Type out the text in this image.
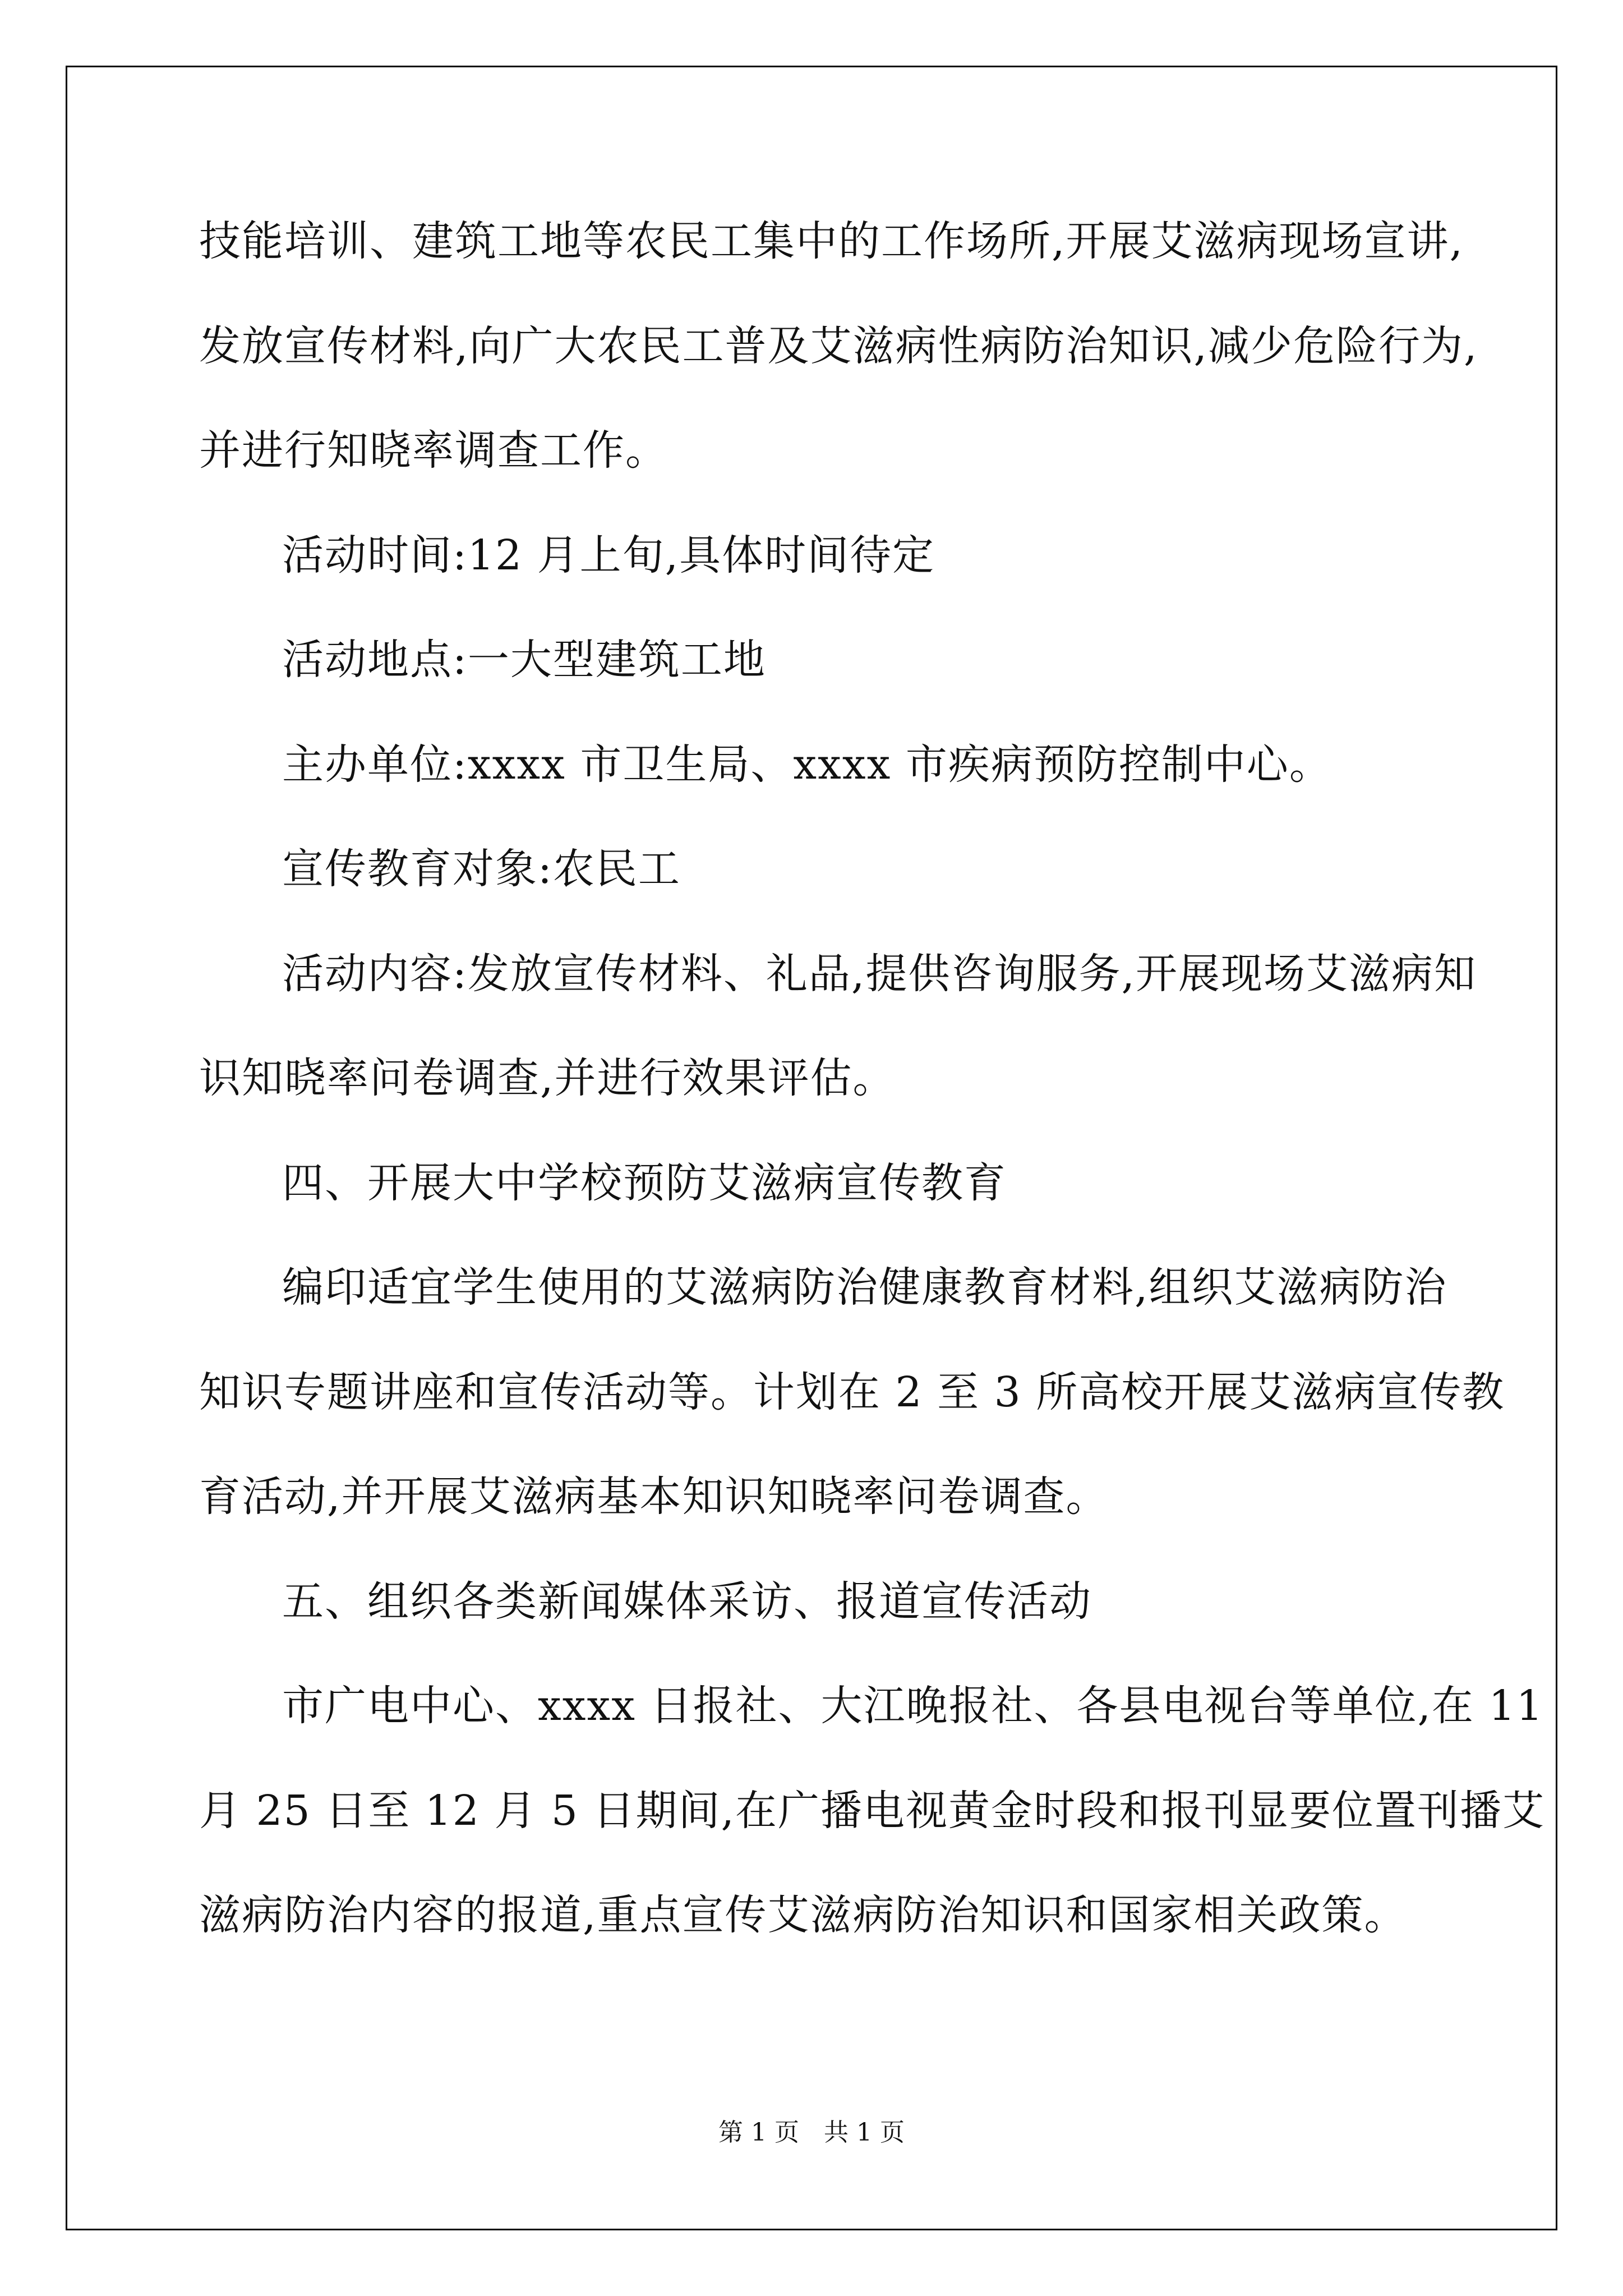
技能培训、建筑工地等农民工集中的工作场所,开展艾滋病现场宣讲,
发放宣传材料,向广大农民工普及艾滋病性病防治知识,减少危险行为,
并进行知晓率调查工作。
活动时间:12 月上旬,具体时间待定
活动地点:一大型建筑工地
主办单位:xxxx 市卫生局、xxxx 市疾病预防控制中心。
宣传教育对象:农民工
活动内容:发放宣传材料、礼品,提供咨询服务,开展现场艾滋病知
识知晓率问卷调查,并进行效果评估。
四、开展大中学校预防艾滋病宣传教育
编印适宜学生使用的艾滋病防治健康教育材料,组织艾滋病防治
知识专题讲座和宣传活动等。计划在 2 至 3 所高校开展艾滋病宣传教
育活动,并开展艾滋病基本知识知晓率问卷调查。
五、组织各类新闻媒体采访、报道宣传活动
市广电中心、xxxx 日报社、大江晚报社、各县电视台等单位,在 11
月 25 日至 12 月 5 日期间,在广播电视黄金时段和报刊显要位置刊播艾
滋病防治内容的报道,重点宣传艾滋病防治知识和国家相关政策。
第 1 页　共 1 页
